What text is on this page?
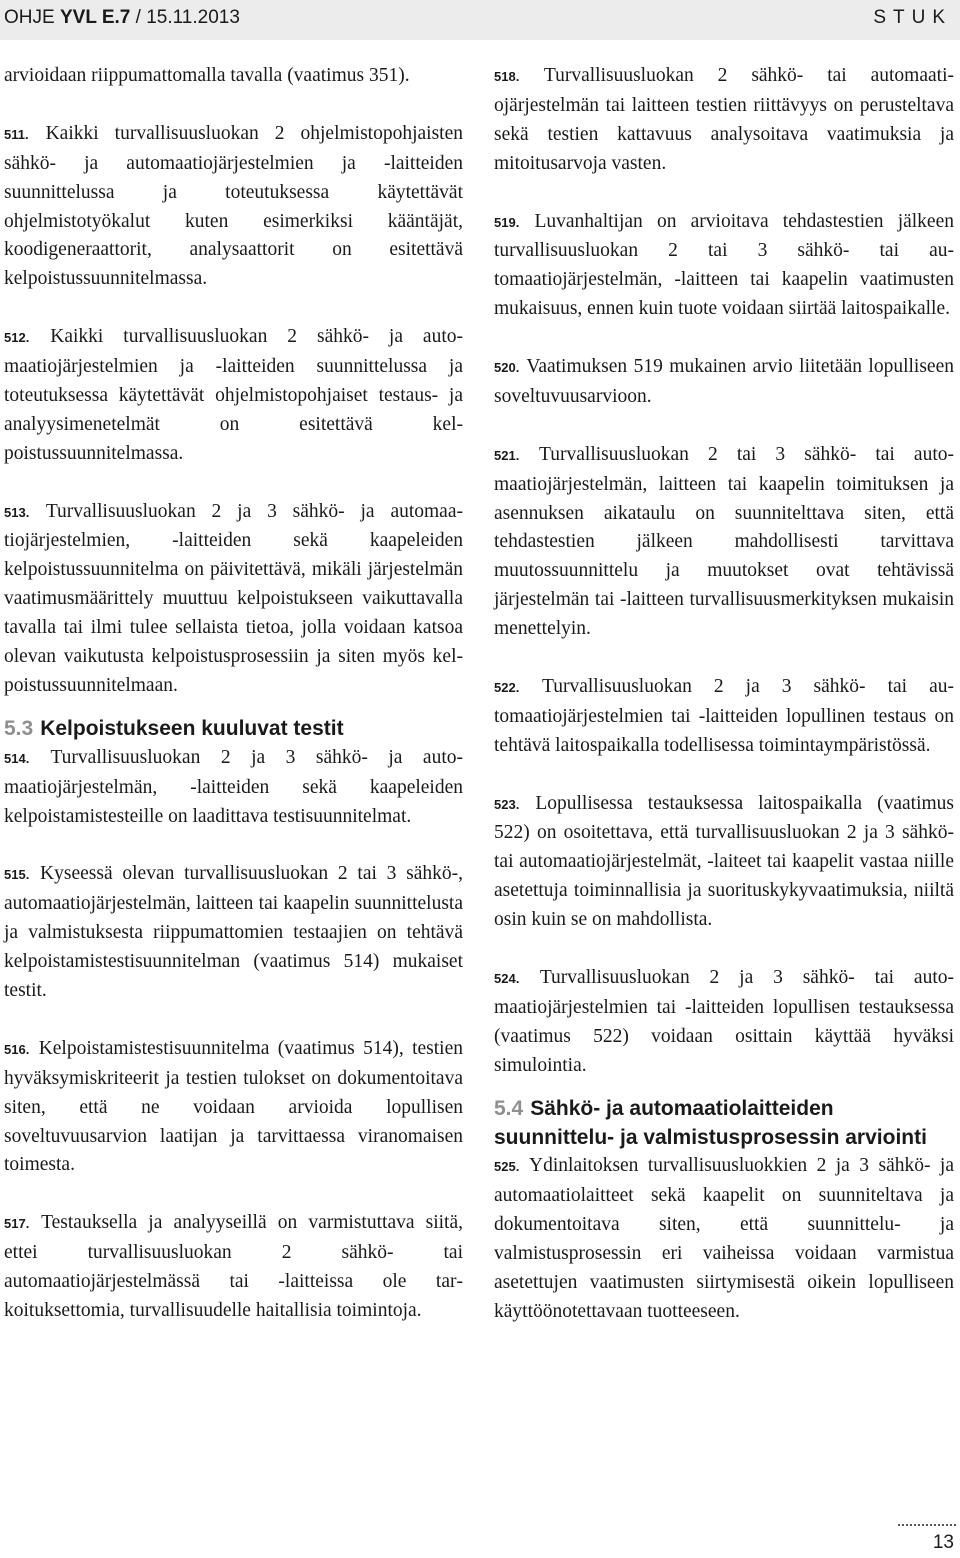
OHJE YVL E.7 / 15.11.2013	STUK

arvioidaan riippumattomalla tavalla (vaatimus 351).

511. Kaikki turvallisuusluokan 2 ohjelmistopohjaisten sähkö- ja automaatiojärjestelmien ja -laitteiden suunnittelussa ja toteutuksessa käytettävät ohjelmistotyökalut kuten esimerkiksi kääntäjät, koodigeneraattorit, analysaattorit on esitettävä kelpoistussuunnitelmassa.

512. Kaikki turvallisuusluokan 2 sähkö- ja automaatiojärjestelmien ja -laitteiden suunnittelussa ja toteutuksessa käytettävät ohjelmistopohjaiset testaus- ja analyysimenetelmät on esitettävä kelpoistussuunnitelmassa.

513. Turvallisuusluokan 2 ja 3 sähkö- ja automaatiojärjestelmien, -laitteiden sekä kaapeleiden kelpoistussuunnitelma on päivitettävä, mikäli järjestelmän vaatimusmäärittely muuttuu kelpoistukseen vaikuttavalla tavalla tai ilmi tulee sellaista tietoa, jolla voidaan katsoa olevan vaikutusta kelpoistusprosessiin ja siten myös kelpoistussuunnitelmaan.

5.3 Kelpoistukseen kuuluvat testit

514. Turvallisuusluokan 2 ja 3 sähkö- ja automaatiojärjestelmän, -laitteiden sekä kaapeleiden kelpoistamistesteille on laadittava testisuunnitelmat.

515. Kyseessä olevan turvallisuusluokan 2 tai 3 sähkö-, automaatiojärjestelmän, laitteen tai kaapelin suunnittelusta ja valmistuksesta riippumattomien testaajien on tehtävä kelpoistamistestisuunnitelman (vaatimus 514) mukaiset testit.

516. Kelpoistamistestisuunnitelma (vaatimus 514), testien hyväksymiskriteerit ja testien tulokset on dokumentoitava siten, että ne voidaan arvioida lopullisen soveltuvuusarvion laatijan ja tarvittaessa viranomaisen toimesta.

517. Testauksella ja analyyseillä on varmistuttava siitä, ettei turvallisuusluokan 2 sähkö- tai automaatiojärjestelmässä tai -laitteissa ole tarkoituksettomia, turvallisuudelle haitallisia toimintoja.

518. Turvallisuusluokan 2 sähkö- tai automaatiojärjestelmän tai laitteen testien riittävyys on perusteltava sekä testien kattavuus analysoitava vaatimuksia ja mitoitusarvoja vasten.

519. Luvanhaltijan on arvioitava tehdastestien jälkeen turvallisuusluokan 2 tai 3 sähkö- tai automaatiojärjestelmän, -laitteen tai kaapelin vaatimusten mukaisuus, ennen kuin tuote voidaan siirtää laitospaikalle.

520. Vaatimuksen 519 mukainen arvio liitetään lopulliseen soveltuvuusarvioon.

521. Turvallisuusluokan 2 tai 3 sähkö- tai automaatiojärjestelmän, laitteen tai kaapelin toimituksen ja asennuksen aikataulu on suunnitelttava siten, että tehdastestien jälkeen mahdollisesti tarvittava muutossuunnittelu ja muutokset ovat tehtävissä järjestelmän tai -laitteen turvallisuusmerkityksen mukaisin menettelyin.

522. Turvallisuusluokan 2 ja 3 sähkö- tai automaatiojärjestelmien tai -laitteiden lopullinen testaus on tehtävä laitospaikalla todellisessa toimintaympäristössä.

523. Lopullisessa testauksessa laitospaikalla (vaatimus 522) on osoitettava, että turvallisuusluokan 2 ja 3 sähkö- tai automaatiojärjestelmät, -laiteet tai kaapelit vastaa niille asetettuja toiminnallisia ja suorituskykyvaatimuksia, niiltä osin kuin se on mahdollista.

524. Turvallisuusluokan 2 ja 3 sähkö- tai automaatiojärjestelmien tai -laitteiden lopullisen testauksessa (vaatimus 522) voidaan osittain käyttää hyväksi simulointia.

5.4 Sähkö- ja automaatiolaitteiden suunnittelu- ja valmistusprosessin arviointi

525. Ydinlaitoksen turvallisuusluokkien 2 ja 3 sähkö- ja automaatiolaitteet sekä kaapelit on suunniteltava ja dokumentoitava siten, että suunnittelu- ja valmistusprosessin eri vaiheissa voidaan varmistua asetettujen vaatimusten siirtymisestä oikein lopulliseen käyttöönotettavaan tuotteeseen.

13
